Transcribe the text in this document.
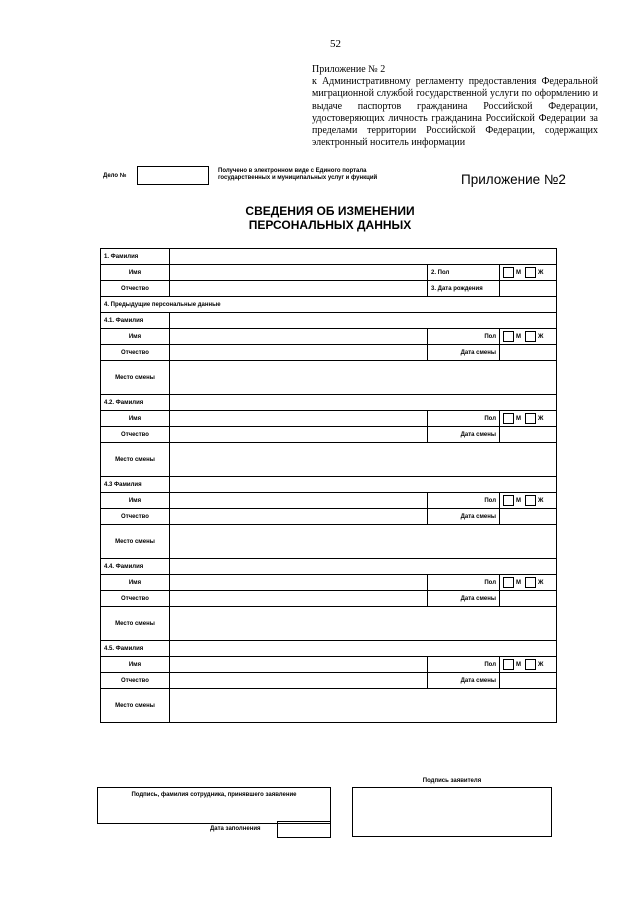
52
Приложение № 2
к Административному регламенту предоставления Федеральной миграционной службой государственной услуги по оформлению и выдаче паспортов гражданина Российской Федерации, удостоверяющих личность гражданина Российской Федерации за пределами территории Российской Федерации, содержащих электронный носитель информации
Дело №
Получено в электронном виде с Единого портала государственных и муниципальных услуг и функций	Приложение №2
СВЕДЕНИЯ ОБ ИЗМЕНЕНИИ
ПЕРСОНАЛЬНЫХ ДАННЫХ
1. Фамилия			
Имя		2. Пол	М Ж
Отчество		3. Дата рождения	
4. Предыдущие персональные данные			
4.1. Фамилия			
Имя		Пол	М Ж
Отчество		Дата смены	
Место смены			
4.2. Фамилия			
Имя		Пол	М Ж
Отчество		Дата смены	
Место смены			
4.3 Фамилия			
Имя		Пол	М Ж
Отчество		Дата смены	
Место смены			
4.4. Фамилия			
Имя		Пол	М Ж
Отчество		Дата смены	
Место смены			
4.5. Фамилия			
Имя		Пол	М Ж
Отчество		Дата смены	
Место смены			
Подпись, фамилия сотрудника, принявшего заявление
Дата заполнения
Подпись заявителя
